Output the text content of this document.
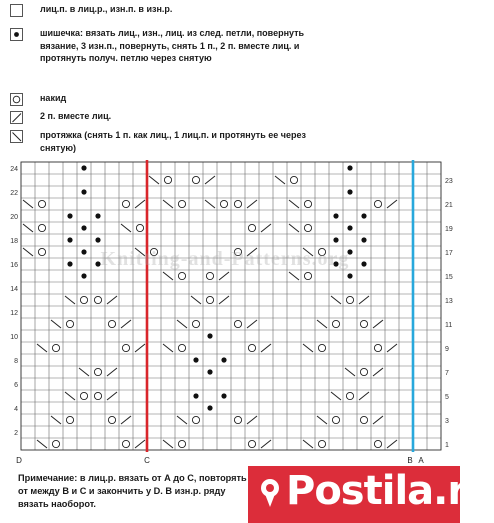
лиц.п. в лиц.р., изн.п. в изн.р.
шишечка: вязать лиц., изн., лиц. из след. петли, повернуть вязание, 3 изн.п., повернуть, снять 1 п., 2 п. вместе лиц. и протянуть получ. петлю через снятую
накид
2 п. вместе лиц.
протяжка (снять 1 п. как лиц., 1 лиц.п. и протянуть ее через снятую)
2
4
6
8
10
12
14
16
18
20
22
24
1
3
5
7
9
11
13
15
17
19
21
23
D	C	B A
Knitting-and-Patterns.org
Примечание: в лиц.р. вязать от А до С, повторять от между В и С и закончить у D. В изн.р. ряду вязать наоборот.	Postila.ru
